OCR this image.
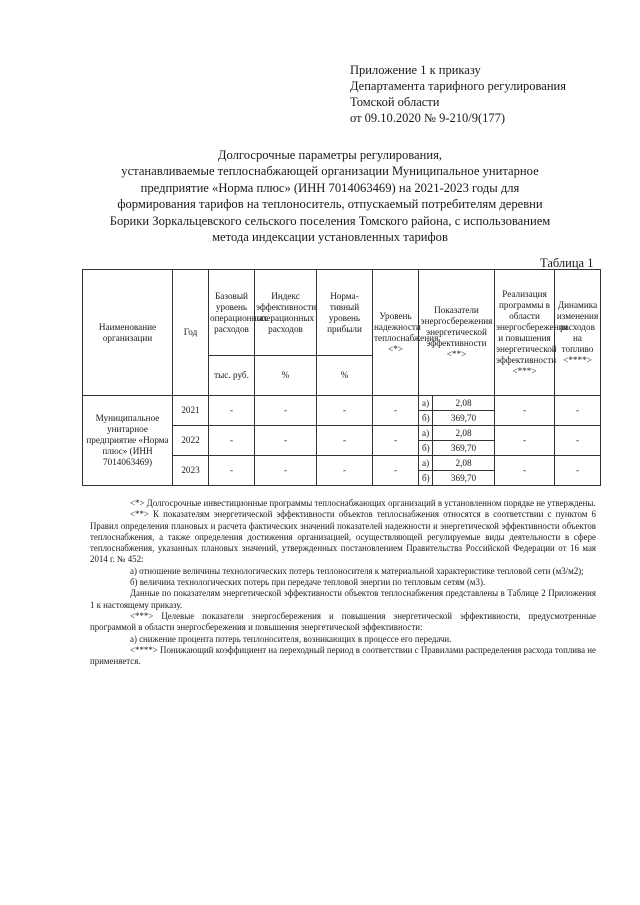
Приложение 1 к приказу
Департамента тарифного регулирования
Томской области
от 09.10.2020 № 9-210/9(177)
Долгосрочные параметры регулирования,
устанавливаемые теплоснабжающей организации Муниципальное унитарное
предприятие «Норма плюс» (ИНН 7014063469) на 2021-2023 годы для
формирования тарифов на теплоноситель, отпускаемый потребителям деревни
Борики Зоркальцевского сельского поселения Томского района, с использованием
метода индексации установленных тарифов
Таблица 1
Наименование организации	Год	Базовый уровень операционных расходов	Индекс эффективности операционных расходов	Норма-тивный уровень прибыли	Уровень надежности теплоснабжения <*>	Показатели энергосбережения энергетической эффективности <**>		Реализация программы в области энергосбережения и повышения энергетической эффективности <***>	Динамика изменения расходов на топливо <****>
		тыс. руб.	%	%					
Муниципальное унитарное предприятие «Норма плюс» (ИНН 7014063469)	2021	-	-	-	-	а)	2,08	-	-
						б)	369,70		
	2022	-	-	-	-	а)	2,08	-	-
						б)	369,70		
	2023	-	-	-	-	а)	2,08	-	-
						б)	369,70		

<*> Долгосрочные инвестиционные программы теплоснабжающих организаций в установленном порядке не утверждены.

<**> К показателям энергетической эффективности объектов теплоснабжения относятся в соответствии с пунктом 6 Правил определения плановых и расчета фактических значений показателей надежности и энергетической эффективности объектов теплоснабжения, а также определения достижения организацией, осуществляющей регулируемые виды деятельности в сфере теплоснабжения, указанных плановых значений, утвержденных постановлением Правительства Российской Федерации от 16 мая 2014 г. № 452:

а) отношение величины технологических потерь теплоносителя к материальной характеристике тепловой сети (м3/м2);

б) величина технологических потерь при передаче тепловой энергии по тепловым сетям (м3).

Данные по показателям энергетической эффективности объектов теплоснабжения представлены в Таблице 2 Приложения 1 к настоящему приказу.

<***> Целевые показатели энергосбережения и повышения энергетической эффективности, предусмотренные программой в области энергосбережения и повышения энергетической эффективности:

а) снижение процента потерь теплоносителя, возникающих в процессе его передачи.

<****> Понижающий коэффициент на переходный период в соответствии с Правилами распределения расхода топлива не применяется.
